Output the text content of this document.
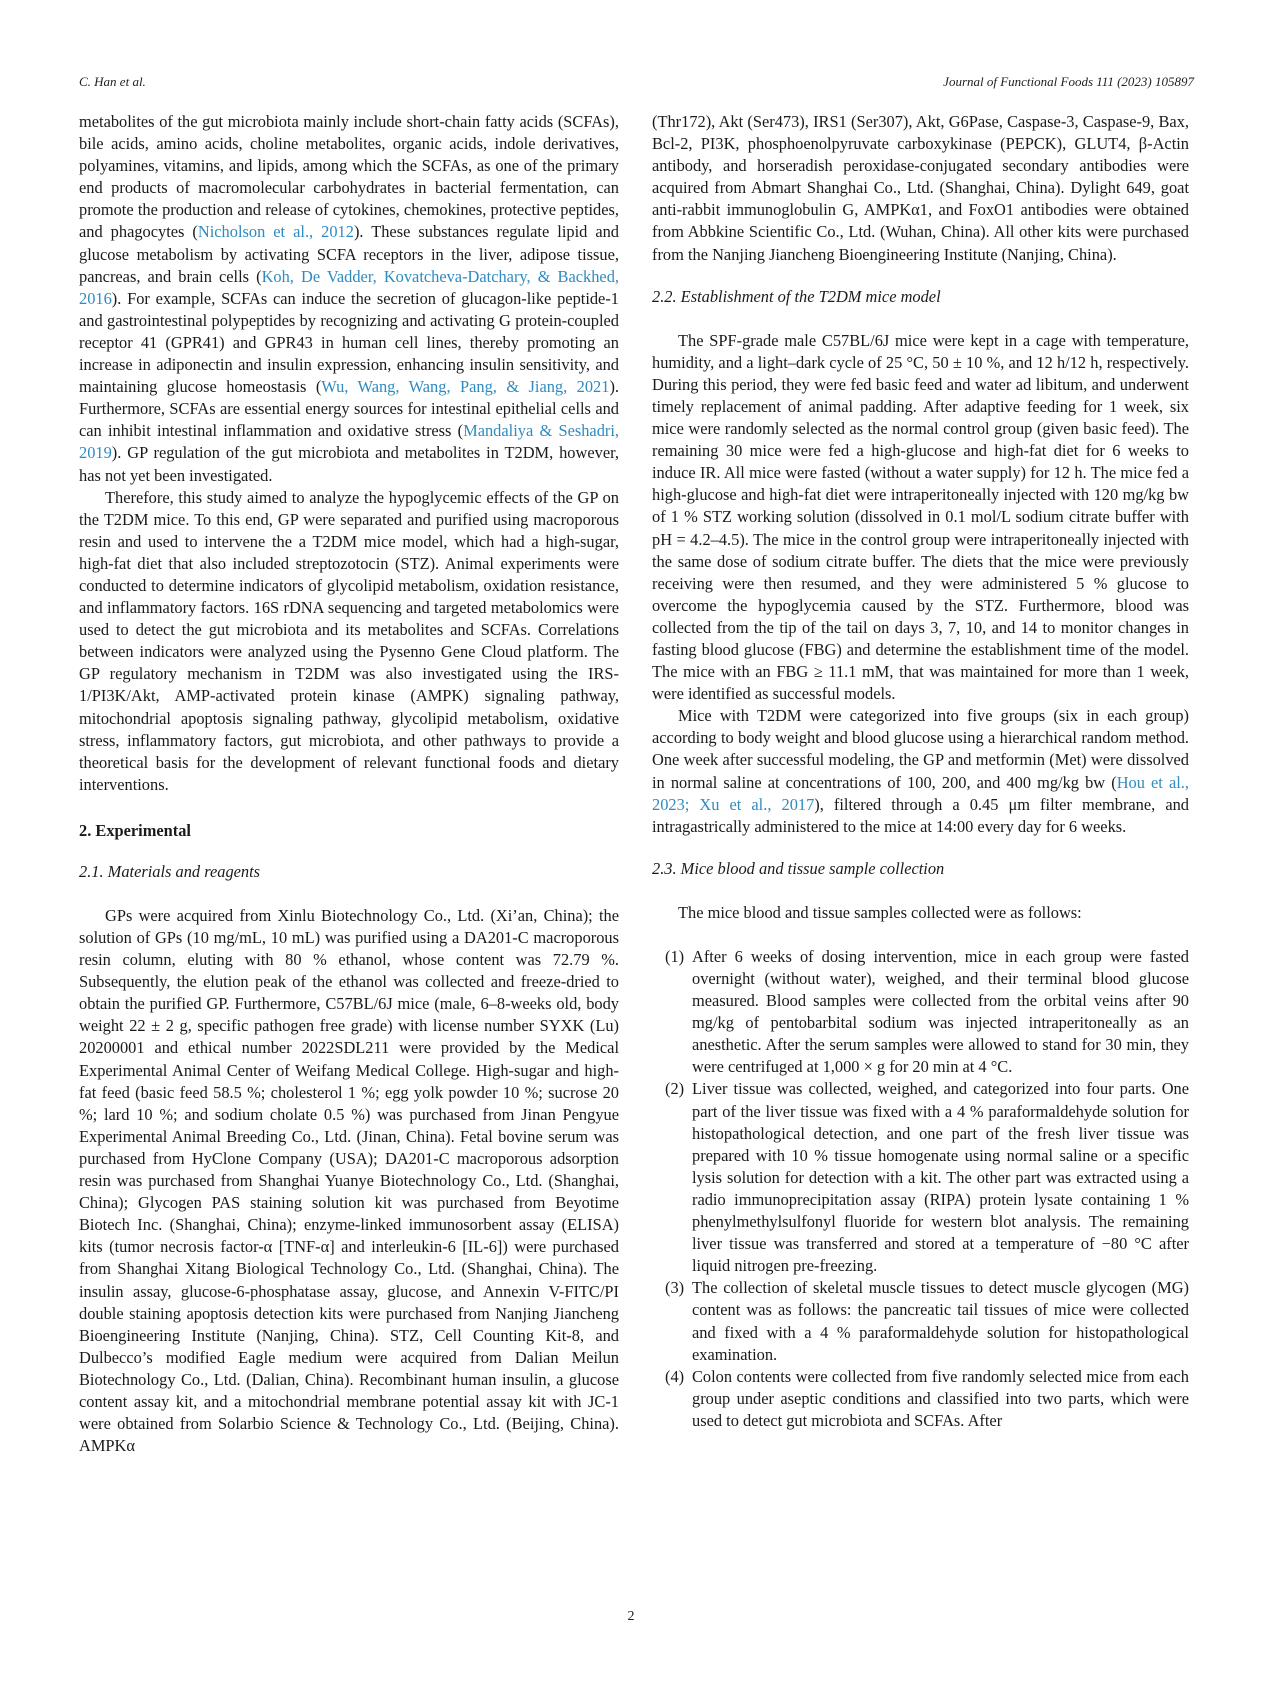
C. Han et al.	Journal of Functional Foods 111 (2023) 105897

metabolites of the gut microbiota mainly include short-chain fatty acids (SCFAs), bile acids, amino acids, choline metabolites, organic acids, indole derivatives, polyamines, vitamins, and lipids, among which the SCFAs, as one of the primary end products of macromolecular carbohydrates in bacterial fermentation, can promote the production and release of cytokines, chemokines, protective peptides, and phagocytes (Nicholson et al., 2012). These substances regulate lipid and glucose metabolism by activating SCFA receptors in the liver, adipose tissue, pancreas, and brain cells (Koh, De Vadder, Kovatcheva-Datchary, & Backhed, 2016). For example, SCFAs can induce the secretion of glucagon-like peptide-1 and gastrointestinal polypeptides by recognizing and activating G protein-coupled receptor 41 (GPR41) and GPR43 in human cell lines, thereby promoting an increase in adiponectin and insulin expression, enhancing insulin sensitivity, and maintaining glucose homeostasis (Wu, Wang, Wang, Pang, & Jiang, 2021). Furthermore, SCFAs are essential energy sources for intestinal epithelial cells and can inhibit intestinal inflammation and oxidative stress (Mandaliya & Seshadri, 2019). GP regulation of the gut microbiota and metabolites in T2DM, however, has not yet been investigated.

Therefore, this study aimed to analyze the hypoglycemic effects of the GP on the T2DM mice. To this end, GP were separated and purified using macroporous resin and used to intervene the a T2DM mice model, which had a high-sugar, high-fat diet that also included streptozotocin (STZ). Animal experiments were conducted to determine indicators of glycolipid metabolism, oxidation resistance, and inflammatory factors. 16S rDNA sequencing and targeted metabolomics were used to detect the gut microbiota and its metabolites and SCFAs. Correlations between indicators were analyzed using the Pysenno Gene Cloud platform. The GP regulatory mechanism in T2DM was also investigated using the IRS-1/PI3K/Akt, AMP-activated protein kinase (AMPK) signaling pathway, mitochondrial apoptosis signaling pathway, glycolipid metabolism, oxidative stress, inflammatory factors, gut microbiota, and other pathways to provide a theoretical basis for the development of relevant functional foods and dietary interventions.

2. Experimental
2.1. Materials and reagents

GPs were acquired from Xinlu Biotechnology Co., Ltd. (Xi’an, China); the solution of GPs (10 mg/mL, 10 mL) was purified using a DA201-C macroporous resin column, eluting with 80 % ethanol, whose content was 72.79 %. Subsequently, the elution peak of the ethanol was collected and freeze-dried to obtain the purified GP. Furthermore, C57BL/6J mice (male, 6–8-weeks old, body weight 22 ± 2 g, specific pathogen free grade) with license number SYXK (Lu) 20200001 and ethical number 2022SDL211 were provided by the Medical Experimental Animal Center of Weifang Medical College. High-sugar and high-fat feed (basic feed 58.5 %; cholesterol 1 %; egg yolk powder 10 %; sucrose 20 %; lard 10 %; and sodium cholate 0.5 %) was purchased from Jinan Pengyue Experimental Animal Breeding Co., Ltd. (Jinan, China). Fetal bovine serum was purchased from HyClone Company (USA); DA201-C macroporous adsorption resin was purchased from Shanghai Yuanye Biotechnology Co., Ltd. (Shanghai, China); Glycogen PAS staining solution kit was purchased from Beyotime Biotech Inc. (Shanghai, China); enzyme-linked immunosorbent assay (ELISA) kits (tumor necrosis factor-α [TNF-α] and interleukin-6 [IL-6]) were purchased from Shanghai Xitang Biological Technology Co., Ltd. (Shanghai, China). The insulin assay, glucose-6-phosphatase assay, glucose, and Annexin V-FITC/PI double staining apoptosis detection kits were purchased from Nanjing Jiancheng Bioengineering Institute (Nanjing, China). STZ, Cell Counting Kit-8, and Dulbecco’s modified Eagle medium were acquired from Dalian Meilun Biotechnology Co., Ltd. (Dalian, China). Recombinant human insulin, a glucose content assay kit, and a mitochondrial membrane potential assay kit with JC-1 were obtained from Solarbio Science & Technology Co., Ltd. (Beijing, China). AMPKα

(Thr172), Akt (Ser473), IRS1 (Ser307), Akt, G6Pase, Caspase-3, Caspase-9, Bax, Bcl-2, PI3K, phosphoenolpyruvate carboxykinase (PEPCK), GLUT4, β-Actin antibody, and horseradish peroxidase-conjugated secondary antibodies were acquired from Abmart Shanghai Co., Ltd. (Shanghai, China). Dylight 649, goat anti-rabbit immunoglobulin G, AMPKα1, and FoxO1 antibodies were obtained from Abbkine Scientific Co., Ltd. (Wuhan, China). All other kits were purchased from the Nanjing Jiancheng Bioengineering Institute (Nanjing, China).

2.2. Establishment of the T2DM mice model

The SPF-grade male C57BL/6J mice were kept in a cage with temperature, humidity, and a light–dark cycle of 25 °C, 50 ± 10 %, and 12 h/12 h, respectively. During this period, they were fed basic feed and water ad libitum, and underwent timely replacement of animal padding. After adaptive feeding for 1 week, six mice were randomly selected as the normal control group (given basic feed). The remaining 30 mice were fed a high-glucose and high-fat diet for 6 weeks to induce IR. All mice were fasted (without a water supply) for 12 h. The mice fed a high-glucose and high-fat diet were intraperitoneally injected with 120 mg/kg bw of 1 % STZ working solution (dissolved in 0.1 mol/L sodium citrate buffer with pH = 4.2–4.5). The mice in the control group were intraperitoneally injected with the same dose of sodium citrate buffer. The diets that the mice were previously receiving were then resumed, and they were administered 5 % glucose to overcome the hypoglycemia caused by the STZ. Furthermore, blood was collected from the tip of the tail on days 3, 7, 10, and 14 to monitor changes in fasting blood glucose (FBG) and determine the establishment time of the model. The mice with an FBG ≥ 11.1 mM, that was maintained for more than 1 week, were identified as successful models.

Mice with T2DM were categorized into five groups (six in each group) according to body weight and blood glucose using a hierarchical random method. One week after successful modeling, the GP and metformin (Met) were dissolved in normal saline at concentrations of 100, 200, and 400 mg/kg bw (Hou et al., 2023; Xu et al., 2017), filtered through a 0.45 μm filter membrane, and intragastrically administered to the mice at 14:00 every day for 6 weeks.

2.3. Mice blood and tissue sample collection

The mice blood and tissue samples collected were as follows:

(1) After 6 weeks of dosing intervention, mice in each group were fasted overnight (without water), weighed, and their terminal blood glucose measured. Blood samples were collected from the orbital veins after 90 mg/kg of pentobarbital sodium was injected intraperitoneally as an anesthetic. After the serum samples were allowed to stand for 30 min, they were centrifuged at 1,000 × g for 20 min at 4 °C.
(2) Liver tissue was collected, weighed, and categorized into four parts. One part of the liver tissue was fixed with a 4 % paraformaldehyde solution for histopathological detection, and one part of the fresh liver tissue was prepared with 10 % tissue homogenate using normal saline or a specific lysis solution for detection with a kit. The other part was extracted using a radio immunoprecipitation assay (RIPA) protein lysate containing 1 % phenylmethylsulfonyl fluoride for western blot analysis. The remaining liver tissue was transferred and stored at a temperature of −80 °C after liquid nitrogen pre-freezing.
(3) The collection of skeletal muscle tissues to detect muscle glycogen (MG) content was as follows: the pancreatic tail tissues of mice were collected and fixed with a 4 % paraformaldehyde solution for histopathological examination.
(4) Colon contents were collected from five randomly selected mice from each group under aseptic conditions and classified into two parts, which were used to detect gut microbiota and SCFAs. After
2
